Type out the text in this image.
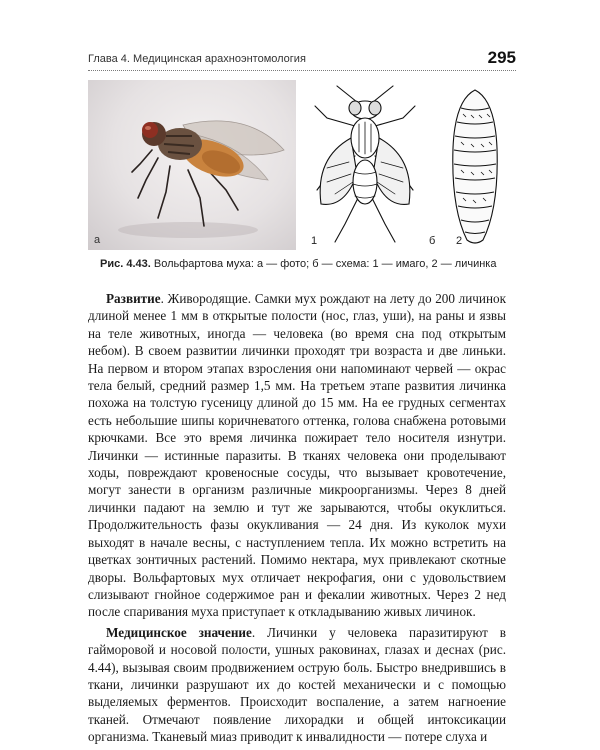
Глава 4. Медицинская арахноэнтомология	295
а	1	б 2
Рис. 4.43. Вольфартова муха: а — фото; б — схема: 1 — имаго, 2 — личинка

Развитие. Живородящие. Самки мух рождают на лету до 200 личинок длиной менее 1 мм в открытые полости (нос, глаз, уши), на раны и язвы на теле животных, иногда — человека (во время сна под открытым небом). В своем развитии личинки проходят три возраста и две линьки. На первом и втором этапах взросления они напоминают червей — окрас тела белый, средний размер 1,5 мм. На третьем этапе развития личинка похожа на толстую гусеницу длиной до 15 мм. На ее грудных сегментах есть небольшие шипы коричневатого оттенка, голова снабжена ротовыми крючками. Все это время личинка пожирает тело носителя изнутри. Личинки — истинные паразиты. В тканях человека они проделывают ходы, повреждают кровеносные сосуды, что вызывает кровотечение, могут занести в организм различные микроорганизмы. Через 8 дней личинки падают на землю и тут же зарываются, чтобы окуклиться. Продолжительность фазы окукливания — 24 дня. Из куколок мухи выходят в начале весны, с наступлением тепла. Их можно встретить на цветках зонтичных растений. Помимо нектара, мух привлекают скотные дворы. Вольфартовых мух отличает некрофагия, они с удовольствием слизывают гнойное содержимое ран и фекалии животных. Через 2 нед после спаривания муха приступает к откладыванию живых личинок.

Медицинское значение. Личинки у человека паразитируют в гайморовой и носовой полости, ушных раковинах, глазах и деснах (рис. 4.44), вызывая своим продвижением острую боль. Быстро внедрившись в ткани, личинки разрушают их до костей механически и с помощью выделяемых ферментов. Происходит воспаление, а затем нагноение тканей. Отмечают появление лихорадки и общей интоксикации организма. Тканевый миаз приводит к инвалидности — потере слуха и
